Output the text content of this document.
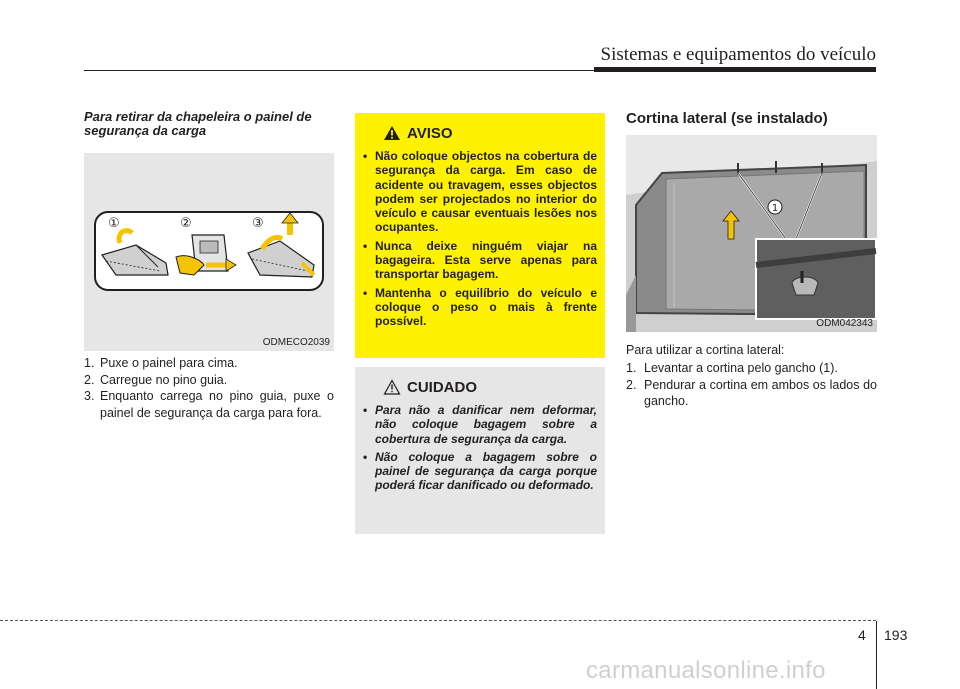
Sistemas e equipamentos do veículo
Para retirar da chapeleira o painel de segurança da carga
①	②	③
ODMECO2039
1. Puxe o painel para cima.
2. Carregue no pino guia.
3. Enquanto carrega no pino guia, puxe o painel de segurança da carga para fora.
AVISO
• Não coloque objectos na cobertura de segurança da carga. Em caso de acidente ou travagem, esses objectos podem ser projectados no interior do veículo e causar eventuais lesões nos ocupantes.
• Nunca deixe ninguém viajar na bagageira. Esta serve apenas para transportar bagagem.
• Mantenha o equilíbrio do veículo e coloque o peso o mais à frente possível.
CUIDADO
• Para não a danificar nem deformar, não coloque bagagem sobre a cobertura de segurança da carga.
• Não coloque a bagagem sobre o painel de segurança da carga porque poderá ficar danificado ou deformado.
Cortina lateral (se instalado)
1
ODM042343
Para utilizar a cortina lateral:
1. Levantar a cortina pelo gancho (1).
2. Pendurar a cortina em ambos os lados do gancho.
4 193
carmanualsonline.info
